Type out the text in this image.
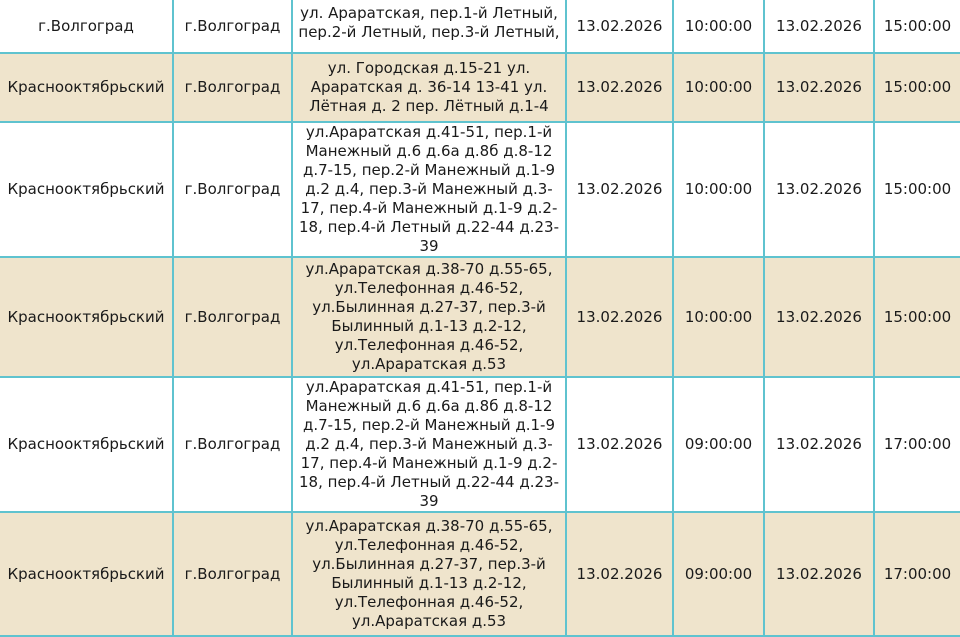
г.Волгоград	г.Волгоград	ул. Араратская, пер.1-й Летный, пер.2-й Летный, пер.3-й Летный,	13.02.2026	10:00:00	13.02.2026	15:00:00
Краснооктябрьский	г.Волгоград	ул. Городская д.15-21 ул. Араратская д. 36-14 13-41 ул. Лётная д. 2 пер. Лётный д.1-4	13.02.2026	10:00:00	13.02.2026	15:00:00
Краснооктябрьский	г.Волгоград	ул.Араратская д.41-51, пер.1-й Манежный д.6 д.6а д.8б д.8-12 д.7-15, пер.2-й Манежный д.1-9 д.2 д.4, пер.3-й Манежный д.3-17, пер.4-й Манежный д.1-9 д.2-18, пер.4-й Летный д.22-44 д.23-39	13.02.2026	10:00:00	13.02.2026	15:00:00
Краснооктябрьский	г.Волгоград	ул.Араратская д.38-70 д.55-65, ул.Телефонная д.46-52, ул.Былинная д.27-37, пер.3-й Былинный д.1-13 д.2-12, ул.Телефонная д.46-52, ул.Араратская д.53	13.02.2026	10:00:00	13.02.2026	15:00:00
Краснооктябрьский	г.Волгоград	ул.Араратская д.41-51, пер.1-й Манежный д.6 д.6а д.8б д.8-12 д.7-15, пер.2-й Манежный д.1-9 д.2 д.4, пер.3-й Манежный д.3-17, пер.4-й Манежный д.1-9 д.2-18, пер.4-й Летный д.22-44 д.23-39	13.02.2026	09:00:00	13.02.2026	17:00:00
Краснооктябрьский	г.Волгоград	ул.Араратская д.38-70 д.55-65, ул.Телефонная д.46-52, ул.Былинная д.27-37, пер.3-й Былинный д.1-13 д.2-12, ул.Телефонная д.46-52, ул.Араратская д.53	13.02.2026	09:00:00	13.02.2026	17:00:00
